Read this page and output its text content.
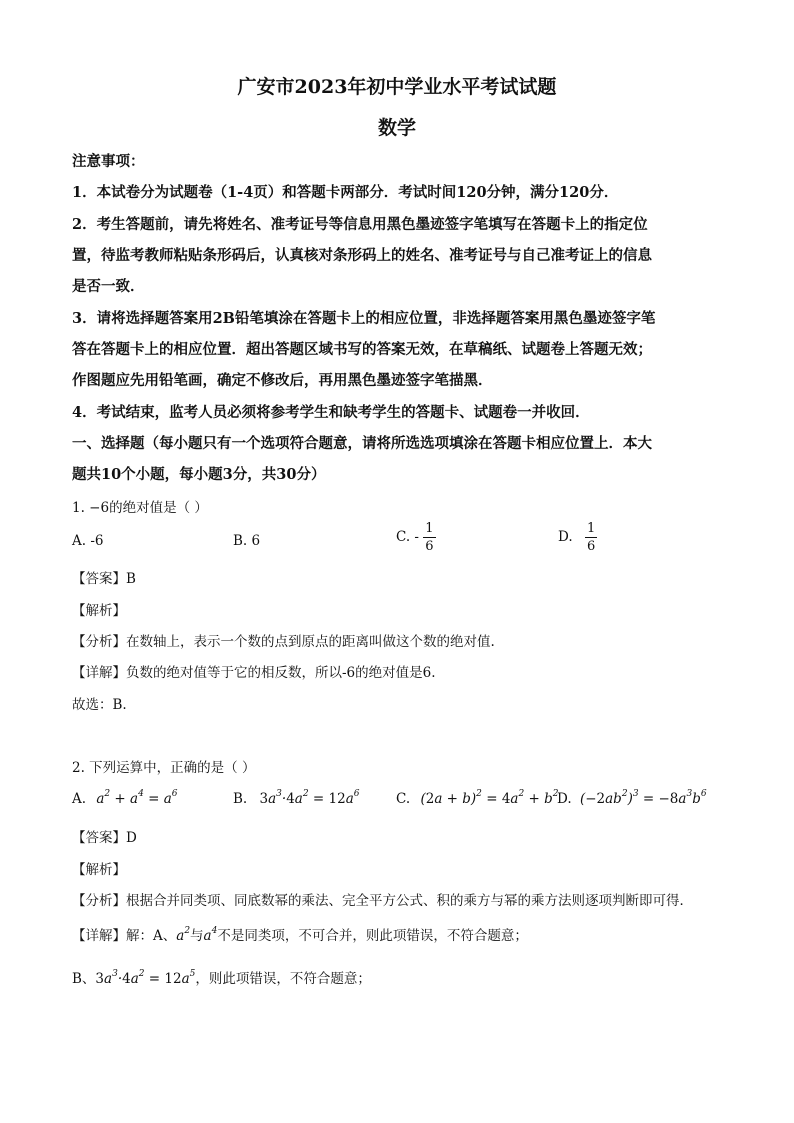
广安市2023年初中学业水平考试试题
数学
注意事项：
1．本试卷分为试题卷（1-4页）和答题卡两部分．考试时间120分钟，满分120分．
2．考生答题前，请先将姓名、准考证号等信息用黑色墨迹签字笔填写在答题卡上的指定位
置，待监考教师粘贴条形码后，认真核对条形码上的姓名、准考证号与自己准考证上的信息
是否一致．
3．请将选择题答案用2B铅笔填涂在答题卡上的相应位置，非选择题答案用黑色墨迹签字笔
答在答题卡上的相应位置．超出答题区域书写的答案无效，在草稿纸、试题卷上答题无效；
作图题应先用铅笔画，确定不修改后，再用黑色墨迹签字笔描黑．
4．考试结束，监考人员必须将参考学生和缺考学生的答题卡、试题卷一并收回．
一、选择题（每小题只有一个选项符合题意，请将所选选项填涂在答题卡相应位置上．本大
题共10个小题，每小题3分，共30分）
1. −6的绝对值是（ ）
A. -6	B. 6	C. - $\frac{1}{6}$	D. $\frac{1}{6}$
【答案】B
【解析】
【分析】在数轴上，表示一个数的点到原点的距离叫做这个数的绝对值.
【详解】负数的绝对值等于它的相反数，所以-6的绝对值是6.
故选：B.
2. 下列运算中，正确的是（ ）
A. $a^2 + a^4 = a^6$	B. $3a^3\cdot 4a^2 = 12a^6$	C. $(2a + b)^2 = 4a^2 + b^2$
D. $(-2ab^2)^3 = -8a^3b^6$
【答案】D
【解析】
【分析】根据合并同类项、同底数幂的乘法、完全平方公式、积的乘方与幂的乘方法则逐项判断即可得．
【详解】解：A、$a^2$与$a^4$不是同类项，不可合并，则此项错误，不符合题意；
B、$3a^3\cdot 4a^2 = 12a^5$，则此项错误，不符合题意；
